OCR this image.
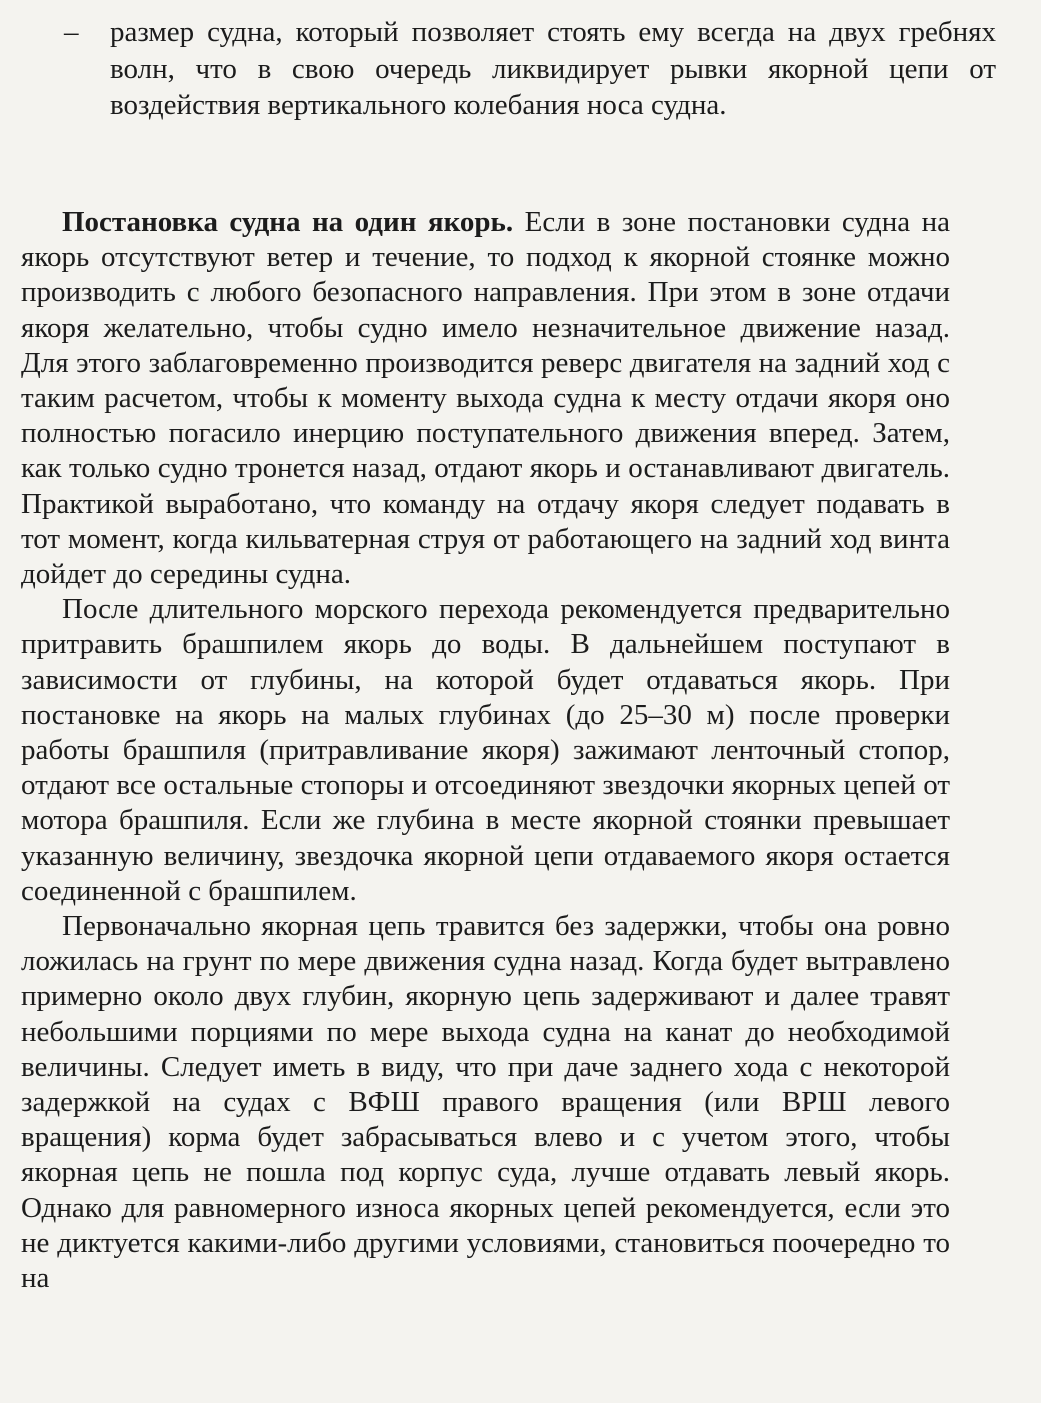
– размер судна, который позволяет стоять ему всегда на двух гребнях волн, что в свою очередь ликвидирует рывки якорной цепи от воздействия вертикального колебания носа судна.

Постановка судна на один якорь. Если в зоне постановки судна на якорь отсутствуют ветер и течение, то подход к якорной стоянке можно производить с любого безопасного направления. При этом в зоне отдачи якоря желательно, чтобы судно имело незначительное движение назад. Для этого заблаговременно производится реверс двигателя на задний ход с таким расчетом, чтобы к моменту выхода судна к месту отдачи якоря оно полностью погасило инерцию поступательного движения вперед. Затем, как только судно тронется назад, отдают якорь и останавливают двигатель. Практикой выработано, что команду на отдачу якоря следует подавать в тот момент, когда кильватерная струя от работающего на задний ход винта дойдет до середины судна.

После длительного морского перехода рекомендуется предварительно притравить брашпилем якорь до воды. В дальнейшем поступают в зависимости от глубины, на которой будет отдаваться якорь. При постановке на якорь на малых глубинах (до 25–30 м) после проверки работы брашпиля (притравливание якоря) зажимают ленточный стопор, отдают все остальные стопоры и отсоединяют звездочки якорных цепей от мотора брашпиля. Если же глубина в месте якорной стоянки превышает указанную величину, звездочка якорной цепи отдаваемого якоря остается соединенной с брашпилем.

Первоначально якорная цепь травится без задержки, чтобы она ровно ложилась на грунт по мере движения судна назад. Когда будет вытравлено примерно около двух глубин, якорную цепь задерживают и далее травят небольшими порциями по мере выхода судна на канат до необходимой величины. Следует иметь в виду, что при даче заднего хода с некоторой задержкой на судах с ВФШ правого вращения (или ВРШ левого вращения) корма будет забрасываться влево и с учетом этого, чтобы якорная цепь не пошла под корпус суда, лучше отдавать левый якорь. Однако для равномерного износа якорных цепей рекомендуется, если это не диктуется какими-либо другими условиями, становиться поочередно то на
